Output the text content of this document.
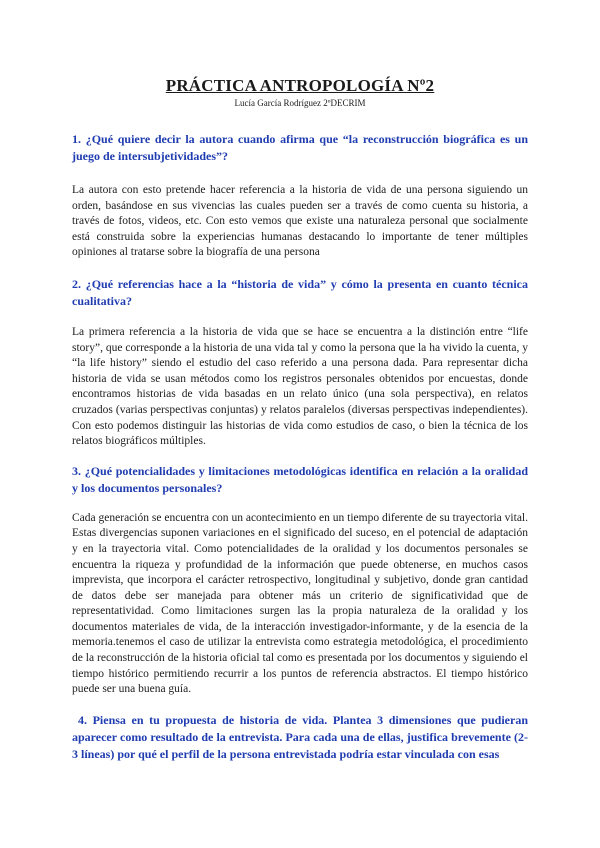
PRÁCTICA ANTROPOLOGÍA Nº2

Lucía García Rodríguez 2ºDECRIM

1. ¿Qué quiere decir la autora cuando afirma que “la reconstrucción biográfica es un juego de intersubjetividades”?

La autora con esto pretende hacer referencia a la historia de vida de una persona siguiendo un orden, basándose en sus vivencias las cuales pueden ser a través de como cuenta su historia, a través de fotos, videos, etc. Con esto vemos que existe una naturaleza personal que socialmente está construida sobre la experiencias humanas destacando lo importante de tener múltiples opiniones al tratarse sobre la biografía de una persona

2. ¿Qué referencias hace a la “historia de vida” y cómo la presenta en cuanto técnica cualitativa?

La primera referencia a la historia de vida que se hace se encuentra a la distinción entre “life story”, que corresponde a la historia de una vida tal y como la persona que la ha vivido la cuenta, y “la life history” siendo el estudio del caso referido a una persona dada. Para representar dicha historia de vida se usan métodos como los registros personales obtenidos por encuestas, donde encontramos historias de vida basadas en un relato único (una sola perspectiva), en relatos cruzados (varias perspectivas conjuntas) y relatos paralelos (diversas perspectivas independientes). Con esto podemos distinguir las historias de vida como estudios de caso, o bien la técnica de los relatos biográficos múltiples.

3. ¿Qué potencialidades y limitaciones metodológicas identifica en relación a la oralidad y los documentos personales?

Cada generación se encuentra con un acontecimiento en un tiempo diferente de su trayectoria vital. Estas divergencias suponen variaciones en el significado del suceso, en el potencial de adaptación y en la trayectoria vital. Como potencialidades de la oralidad y los documentos personales se encuentra la riqueza y profundidad de la información que puede obtenerse, en muchos casos imprevista, que incorpora el carácter retrospectivo, longitudinal y subjetivo, donde gran cantidad de datos debe ser manejada para obtener más un criterio de significatividad que de representatividad. Como limitaciones surgen las la propia naturaleza de la oralidad y los documentos materiales de vida, de la interacción investigador-informante, y de la esencia de la memoria.tenemos el caso de utilizar la entrevista como estrategia metodológica, el procedimiento de la reconstrucción de la historia oficial tal como es presentada por los documentos y siguiendo el tiempo histórico permitiendo recurrir a los puntos de referencia abstractos. El tiempo histórico puede ser una buena guía.

4. Piensa en tu propuesta de historia de vida. Plantea 3 dimensiones que pudieran aparecer como resultado de la entrevista. Para cada una de ellas, justifica brevemente (2-3 líneas) por qué el perfil de la persona entrevistada podría estar vinculada con esas
